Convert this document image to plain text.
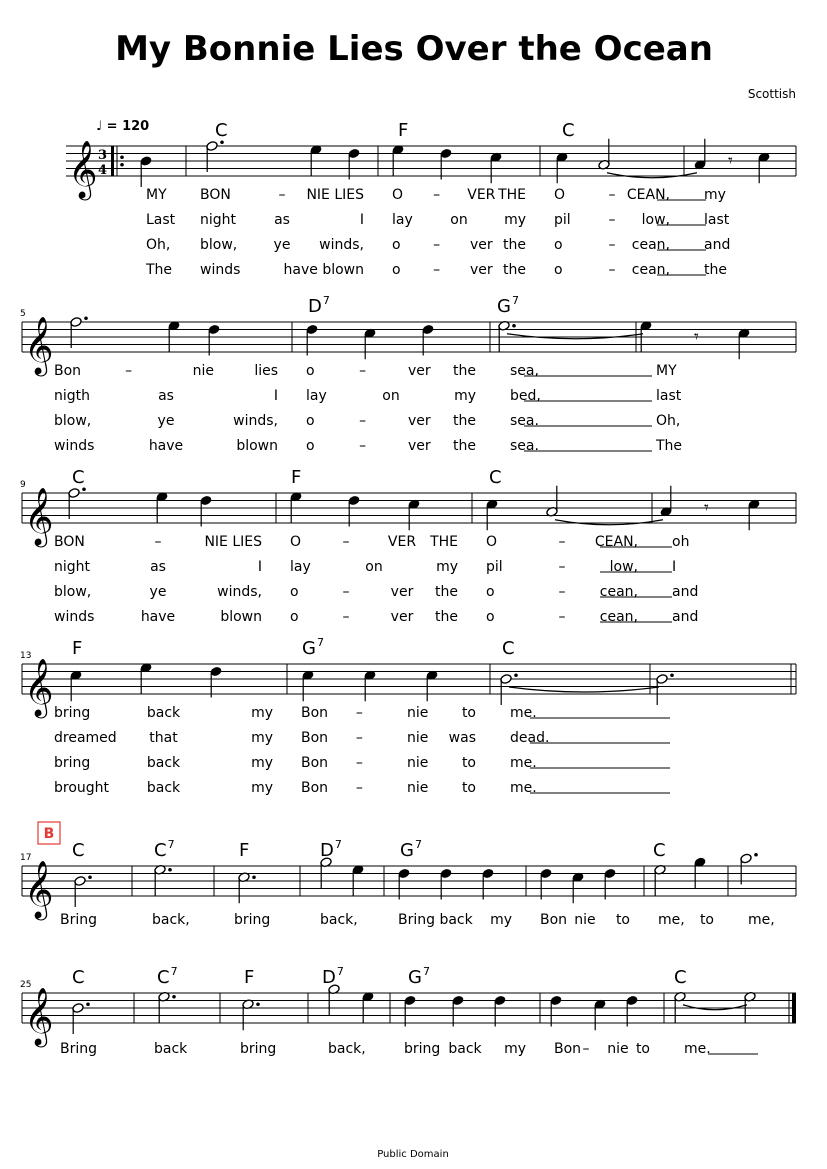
My Bonnie Lies Over the Ocean
Scottish
♩ = 120
𝄞 3
4	𝄾
C	F	C
MY BON	– NIE LIES O – VER THE O	– CEAN, my
Last night	as	I lay	on	my pil	– low, last
Oh, blow,	ye winds, o – ver the o	– cean, and
The winds	have blown o – ver the o	– cean, the
𝄞
5
𝄾
D 7	G 7
Bon	–	nie	lies o	–	ver the sea,	MY
nigth	as	I lay	on	my bed,	last
blow,	ye	winds, o	–	ver the sea.	Oh,
winds	have	blown o	–	ver the sea.	The
𝄞
9
𝄾
C	F	C
BON	–	NIE LIES O	–	VER THE O	– CEAN, oh
night	as	I lay	on	my pil	–	low, I
blow,	ye	winds, o	–	ver the o	– cean, and
winds	have	blown o	–	ver the o	– cean, and
𝄞
13 F	G 7	C
bring	back	my Bon –	nie to me.
dreamed that	my Bon –	nie was dead.
bring	back	my Bon –	nie to me.
brought	back	my Bon –	nie to me.
𝄞
17
B
C	C 7	F	D 7	G 7	C
Bring	back,	bring	back,	Bring back my Bon nie to me, to me,
𝄞
25 C	C 7	F	D 7	G 7	C
Bring	back	bring	back,	bring back my Bon – nie to me.
Public Domain
